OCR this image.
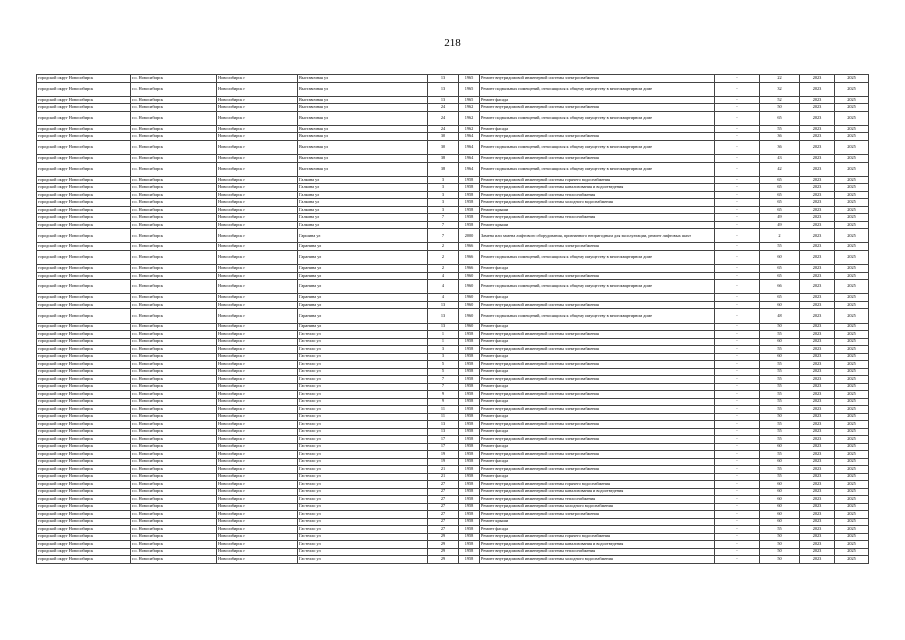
218
городской округ Новосибирск	г.о. Новосибирск	Новосибирск г	Выставочная ул	13	1965	Ремонт внутридомовой инженерной системы электроснабжения	-	22	2023	2025
городской округ Новосибирск	г.о. Новосибирск	Новосибирск г	Выставочная ул	13	1965	Ремонт подвальных помещений, относящихся к общему имуществу в многоквартирном доме	-	32	2023	2025
городской округ Новосибирск	г.о. Новосибирск	Новосибирск г	Выставочная ул	13	1965	Ремонт фасада	-	52	2023	2025
городской округ Новосибирск	г.о. Новосибирск	Новосибирск г	Выставочная ул	24	1962	Ремонт внутридомовой инженерной системы электроснабжения	-	50	2023	2025
городской округ Новосибирск	г.о. Новосибирск	Новосибирск г	Выставочная ул	24	1962	Ремонт подвальных помещений, относящихся к общему имуществу в многоквартирном доме	-	65	2023	2025
городской округ Новосибирск	г.о. Новосибирск	Новосибирск г	Выставочная ул	24	1962	Ремонт фасада	-	55	2023	2025
городской округ Новосибирск	г.о. Новосибирск	Новосибирск г	Выставочная ул	30	1964	Ремонт внутридомовой инженерной системы электроснабжения	-	36	2023	2025
городской округ Новосибирск	г.о. Новосибирск	Новосибирск г	Выставочная ул	30	1964	Ремонт подвальных помещений, относящихся к общему имуществу в многоквартирном доме	-	36	2023	2025
городской округ Новосибирск	г.о. Новосибирск	Новосибирск г	Выставочная ул	38	1964	Ремонт внутридомовой инженерной системы электроснабжения	-	43	2023	2025
городской округ Новосибирск	г.о. Новосибирск	Новосибирск г	Выставочная ул	38	1964	Ремонт подвальных помещений, относящихся к общему имуществу в многоквартирном доме	-	42	2023	2025
городской округ Новосибирск	г.о. Новосибирск	Новосибирск г	Галкина ул	3	1958	Ремонт внутридомовой инженерной системы горячего водоснабжения	-	65	2023	2025
городской округ Новосибирск	г.о. Новосибирск	Новосибирск г	Галкина ул	3	1958	Ремонт внутридомовой инженерной системы канализования и водоотведения	-	65	2023	2025
городской округ Новосибирск	г.о. Новосибирск	Новосибирск г	Галкина ул	3	1958	Ремонт внутридомовой инженерной системы теплоснабжения	-	65	2023	2025
городской округ Новосибирск	г.о. Новосибирск	Новосибирск г	Галкина ул	3	1958	Ремонт внутридомовой инженерной системы холодного водоснабжения	-	65	2023	2025
городской округ Новосибирск	г.о. Новосибирск	Новосибирск г	Галкина ул	3	1958	Ремонт крыши	-	65	2023	2025
городской округ Новосибирск	г.о. Новосибирск	Новосибирск г	Галкина ул	7	1958	Ремонт внутридомовой инженерной системы теплоснабжения	-	49	2023	2025
городской округ Новосибирск	г.о. Новосибирск	Новосибирск г	Галкина ул	7	1958	Ремонт крыши	-	49	2023	2025
городской округ Новосибирск	г.о. Новосибирск	Новосибирск г	Гаршина ул	7	2000	Замена или замена лифтового оборудования, признанного непригодным для эксплуатации, ремонт лифтовых шахт	-	2	2023	2025
городской округ Новосибирск	г.о. Новосибирск	Новосибирск г	Гаранина ул	2	1966	Ремонт внутридомовой инженерной системы электроснабжения	-	55	2023	2025
городской округ Новосибирск	г.о. Новосибирск	Новосибирск г	Гаранина ул	2	1966	Ремонт подвальных помещений, относящихся к общему имуществу в многоквартирном доме	-	60	2023	2025
городской округ Новосибирск	г.о. Новосибирск	Новосибирск г	Гаранина ул	2	1966	Ремонт фасада	-	65	2023	2025
городской округ Новосибирск	г.о. Новосибирск	Новосибирск г	Гаранина ул	4	1960	Ремонт внутридомовой инженерной системы электроснабжения	-	65	2023	2025
городской округ Новосибирск	г.о. Новосибирск	Новосибирск г	Гаранина ул	4	1960	Ремонт подвальных помещений, относящихся к общему имуществу в многоквартирном доме	-	66	2023	2025
городской округ Новосибирск	г.о. Новосибирск	Новосибирск г	Гаранина ул	4	1960	Ремонт фасада	-	65	2023	2025
городской округ Новосибирск	г.о. Новосибирск	Новосибирск г	Гаранина ул	13	1960	Ремонт внутридомовой инженерной системы электроснабжения	-	60	2023	2025
городской округ Новосибирск	г.о. Новосибирск	Новосибирск г	Гаранина ул	13	1960	Ремонт подвальных помещений, относящихся к общему имуществу в многоквартирном доме	-	48	2023	2025
городской округ Новосибирск	г.о. Новосибирск	Новосибирск г	Гаранина ул	13	1960	Ремонт фасада	-	50	2023	2025
городской округ Новосибирск	г.о. Новосибирск	Новосибирск г	Гастелло ул	1	1958	Ремонт внутридомовой инженерной системы электроснабжения	-	55	2023	2025
городской округ Новосибирск	г.о. Новосибирск	Новосибирск г	Гастелло ул	1	1958	Ремонт фасада	-	60	2023	2025
городской округ Новосибирск	г.о. Новосибирск	Новосибирск г	Гастелло ул	3	1958	Ремонт внутридомовой инженерной системы электроснабжения	-	55	2023	2025
городской округ Новосибирск	г.о. Новосибирск	Новосибирск г	Гастелло ул	3	1958	Ремонт фасада	-	60	2023	2025
городской округ Новосибирск	г.о. Новосибирск	Новосибирск г	Гастелло ул	5	1958	Ремонт внутридомовой инженерной системы электроснабжения	-	55	2023	2025
городской округ Новосибирск	г.о. Новосибирск	Новосибирск г	Гастелло ул	5	1958	Ремонт фасада	-	55	2023	2025
городской округ Новосибирск	г.о. Новосибирск	Новосибирск г	Гастелло ул	7	1958	Ремонт внутридомовой инженерной системы электроснабжения	-	55	2023	2025
городской округ Новосибирск	г.о. Новосибирск	Новосибирск г	Гастелло ул	7	1958	Ремонт фасада	-	55	2023	2025
городской округ Новосибирск	г.о. Новосибирск	Новосибирск г	Гастелло ул	9	1958	Ремонт внутридомовой инженерной системы электроснабжения	-	55	2023	2025
городской округ Новосибирск	г.о. Новосибирск	Новосибирск г	Гастелло ул	9	1958	Ремонт фасада	-	55	2023	2025
городской округ Новосибирск	г.о. Новосибирск	Новосибирск г	Гастелло ул	11	1958	Ремонт внутридомовой инженерной системы электроснабжения	-	55	2023	2025
городской округ Новосибирск	г.о. Новосибирск	Новосибирск г	Гастелло ул	11	1958	Ремонт фасада	-	50	2023	2025
городской округ Новосибирск	г.о. Новосибирск	Новосибирск г	Гастелло ул	13	1958	Ремонт внутридомовой инженерной системы электроснабжения	-	55	2023	2025
городской округ Новосибирск	г.о. Новосибирск	Новосибирск г	Гастелло ул	13	1958	Ремонт фасада	-	55	2023	2025
городской округ Новосибирск	г.о. Новосибирск	Новосибирск г	Гастелло ул	17	1958	Ремонт внутридомовой инженерной системы электроснабжения	-	55	2023	2025
городской округ Новосибирск	г.о. Новосибирск	Новосибирск г	Гастелло ул	17	1958	Ремонт фасада	-	60	2023	2025
городской округ Новосибирск	г.о. Новосибирск	Новосибирск г	Гастелло ул	19	1958	Ремонт внутридомовой инженерной системы электроснабжения	-	55	2023	2025
городской округ Новосибирск	г.о. Новосибирск	Новосибирск г	Гастелло ул	19	1958	Ремонт фасада	-	60	2023	2025
городской округ Новосибирск	г.о. Новосибирск	Новосибирск г	Гастелло ул	21	1958	Ремонт внутридомовой инженерной системы электроснабжения	-	55	2023	2025
городской округ Новосибирск	г.о. Новосибирск	Новосибирск г	Гастелло ул	21	1958	Ремонт фасада	-	55	2023	2025
городской округ Новосибирск	г.о. Новосибирск	Новосибирск г	Гастелло ул	27	1958	Ремонт внутридомовой инженерной системы горячего водоснабжения	-	60	2023	2025
городской округ Новосибирск	г.о. Новосибирск	Новосибирск г	Гастелло ул	27	1958	Ремонт внутридомовой инженерной системы канализования и водоотведения	-	60	2023	2025
городской округ Новосибирск	г.о. Новосибирск	Новосибирск г	Гастелло ул	27	1958	Ремонт внутридомовой инженерной системы теплоснабжения	-	60	2023	2025
городской округ Новосибирск	г.о. Новосибирск	Новосибирск г	Гастелло ул	27	1958	Ремонт внутридомовой инженерной системы холодного водоснабжения	-	60	2023	2025
городской округ Новосибирск	г.о. Новосибирск	Новосибирск г	Гастелло ул	27	1958	Ремонт внутридомовой инженерной системы электроснабжения	-	60	2023	2025
городской округ Новосибирск	г.о. Новосибирск	Новосибирск г	Гастелло ул	27	1958	Ремонт крыши	-	60	2023	2025
городской округ Новосибирск	г.о. Новосибирск	Новосибирск г	Гастелло ул	27	1958	Ремонт фасада	-	55	2023	2025
городской округ Новосибирск	г.о. Новосибирск	Новосибирск г	Гастелло ул	29	1958	Ремонт внутридомовой инженерной системы горячего водоснабжения	-	50	2023	2025
городской округ Новосибирск	г.о. Новосибирск	Новосибирск г	Гастелло ул	29	1958	Ремонт внутридомовой инженерной системы канализования и водоотведения	-	50	2023	2025
городской округ Новосибирск	г.о. Новосибирск	Новосибирск г	Гастелло ул	29	1958	Ремонт внутридомовой инженерной системы теплоснабжения	-	50	2023	2025
городской округ Новосибирск	г.о. Новосибирск	Новосибирск г	Гастелло ул	29	1958	Ремонт внутридомовой инженерной системы холодного водоснабжения	-	50	2023	2025
